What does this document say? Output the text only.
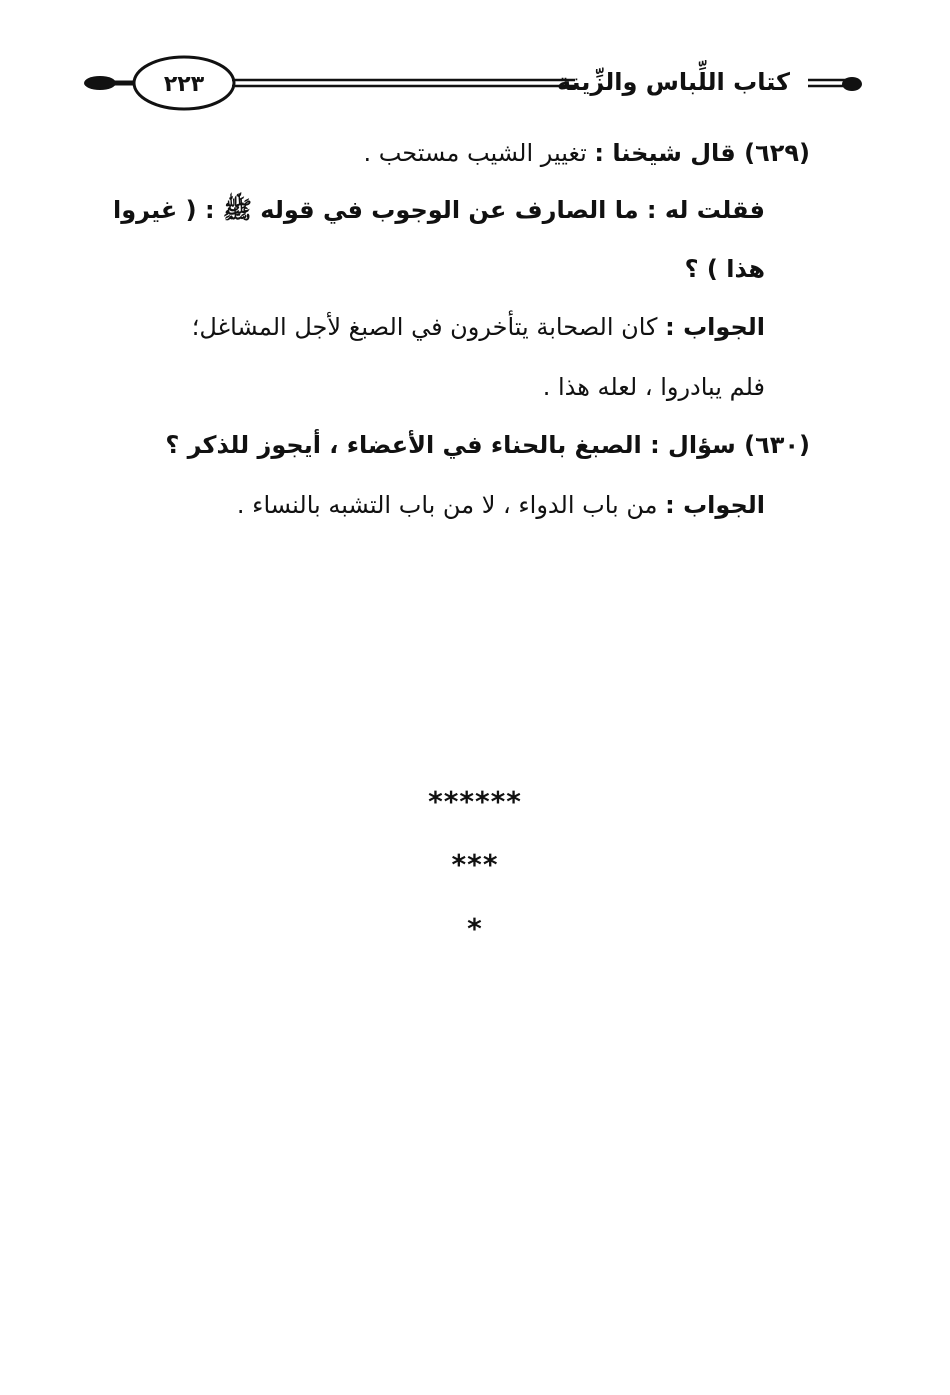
٢٢٣	كتاب اللِّباس والزِّينة
(٦٢٩) قال شيخنا : تغيير الشيب مستحب .
فقلت له : ما الصارف عن الوجوب في قوله ﷺ : ( غيروا
هذا ) ؟
الجواب : كان الصحابة يتأخرون في الصبغ لأجل المشاغل؛
فلم يبادروا ، لعله هذا .
(٦٣٠) سؤال : الصبغ بالحناء في الأعضاء ، أيجوز للذكر ؟
الجواب : من باب الدواء ، لا من باب التشبه بالنساء .
******
***
*
